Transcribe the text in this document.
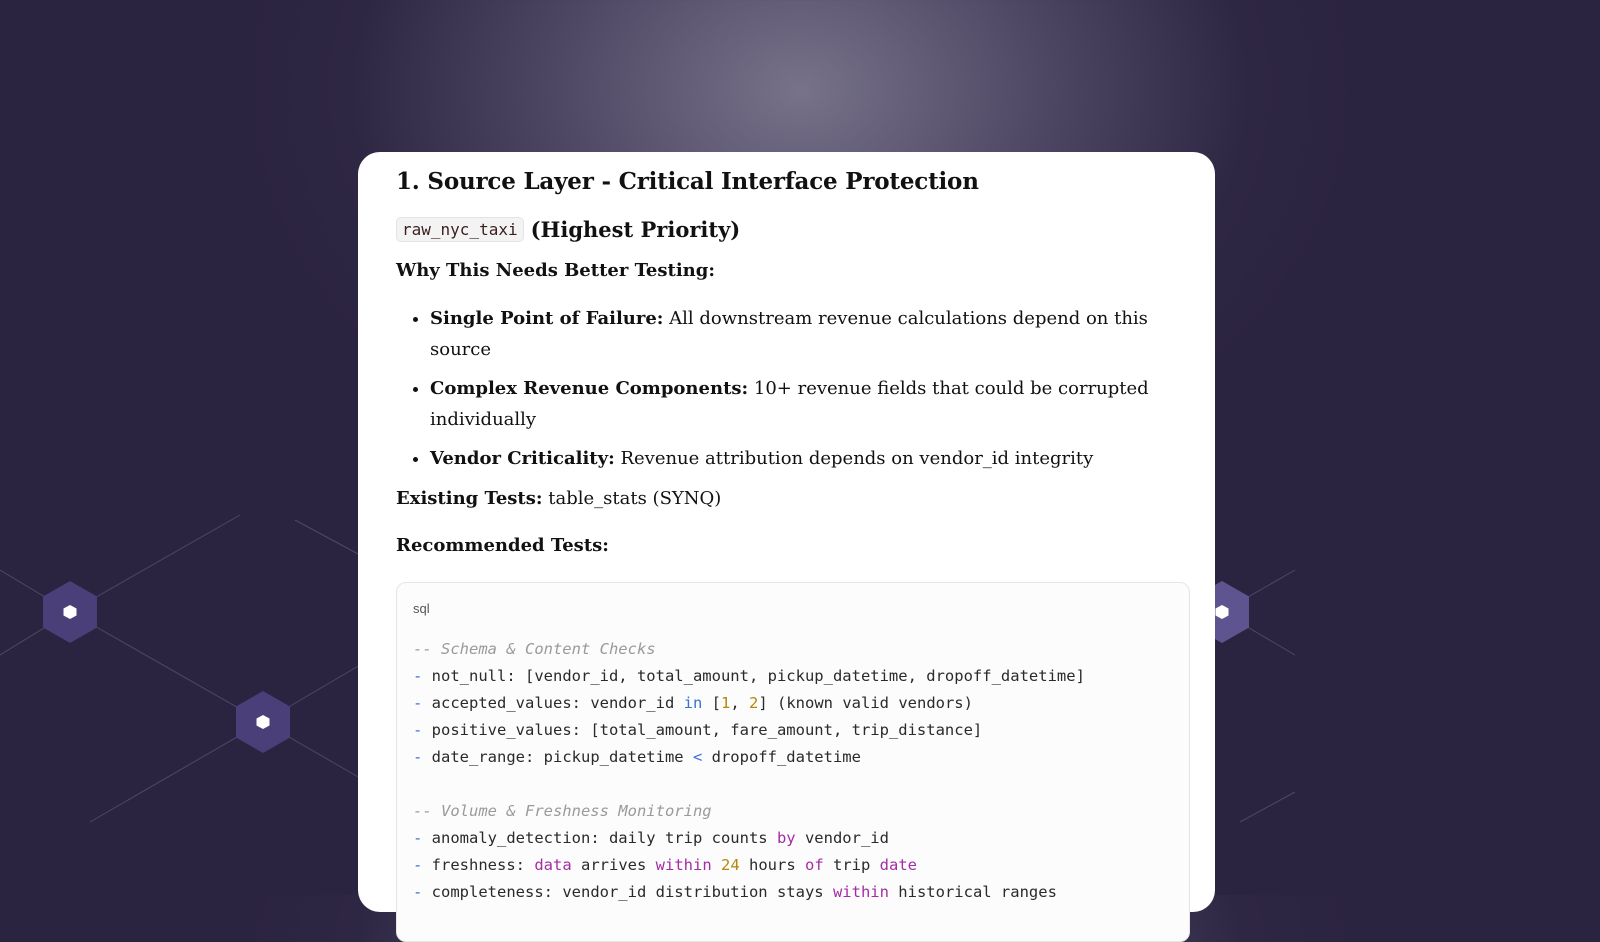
1. Source Layer - Critical Interface Protection
raw_nyc_taxi (Highest Priority)
Why This Needs Better Testing:
• Single Point of Failure: All downstream revenue calculations depend on this source
• Complex Revenue Components: 10+ revenue fields that could be corrupted individually
• Vendor Criticality: Revenue attribution depends on vendor_id integrity
Existing Tests: table_stats (SYNQ)
Recommended Tests:
sql
-- Schema & Content Checks
- not_null: [vendor_id, total_amount, pickup_datetime, dropoff_datetime]
- accepted_values: vendor_id in [1, 2] (known valid vendors)
- positive_values: [total_amount, fare_amount, trip_distance]
- date_range: pickup_datetime < dropoff_datetime
-- Volume & Freshness Monitoring
- anomaly_detection: daily trip counts by vendor_id
- freshness: data arrives within 24 hours of trip date
- completeness: vendor_id distribution stays within historical ranges
